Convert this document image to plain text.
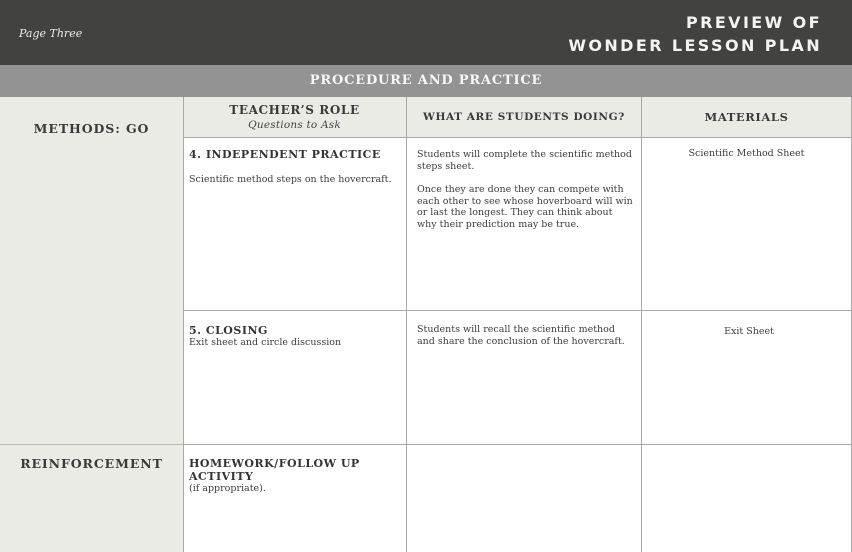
Page Three
PREVIEW OF
WONDER LESSON PLAN
PROCEDURE AND PRACTICE
METHODS: GO
REINFORCEMENT
TEACHER’S ROLE
Questions to Ask
WHAT ARE STUDENTS DOING?	MATERIALS
4. INDEPENDENT PRACTICE
Scientific method steps on the hovercraft.
Students will complete the scientific method steps sheet.
Once they are done they can compete with each other to see whose hoverboard will win or last the longest. They can think about why their prediction may be true.
Scientific Method Sheet
5. CLOSING
Exit sheet and circle discussion
Students will recall the scientific method and share the conclusion of the hovercraft.
Exit Sheet
HOMEWORK/FOLLOW UP ACTIVITY
(if appropriate).
